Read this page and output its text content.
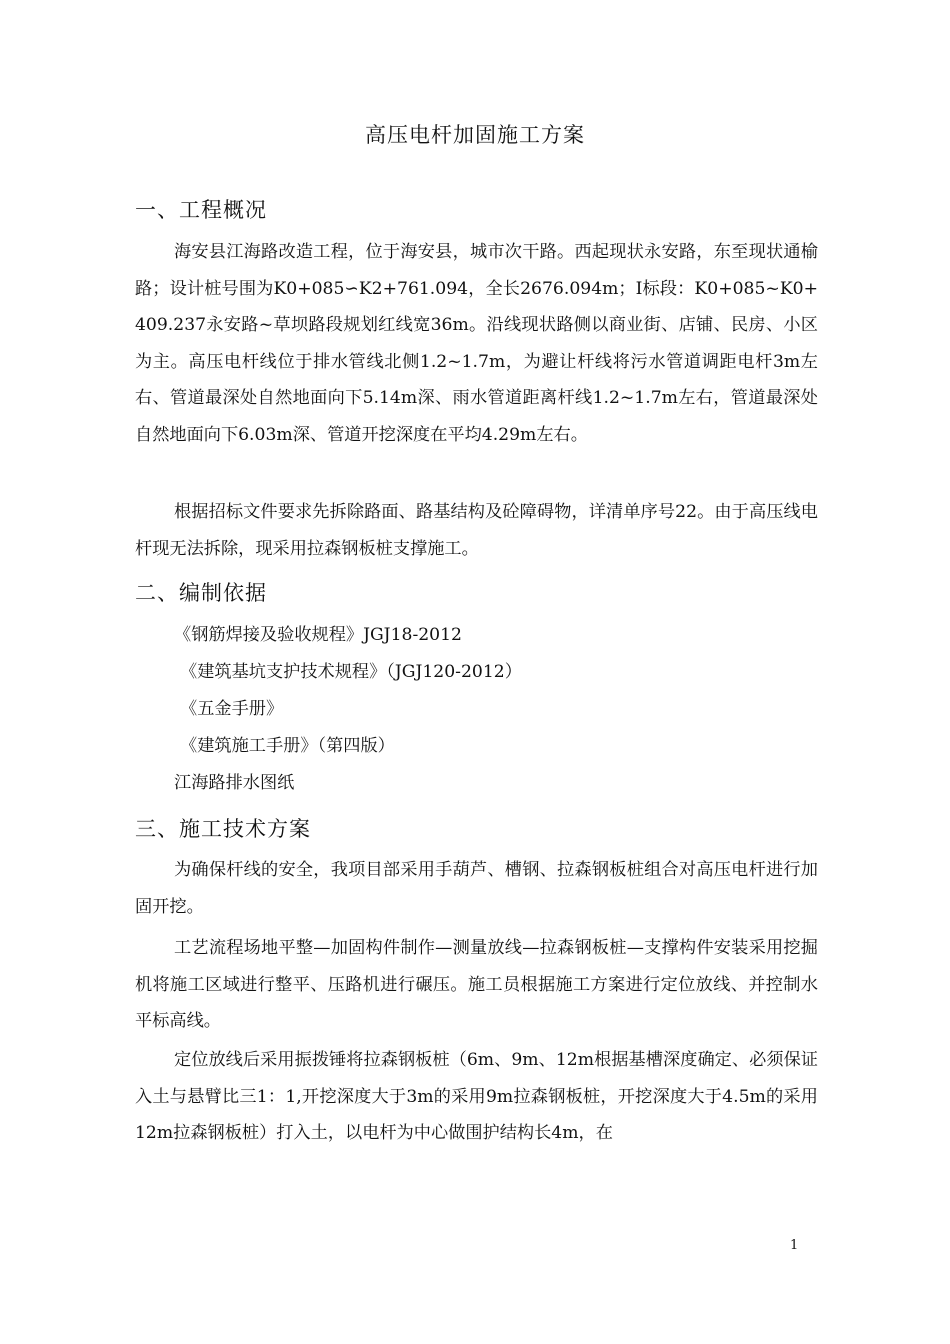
高压电杆加固施工方案
一、工程概况

海安县江海路改造工程，位于海安县，城市次干路。西起现状永安路，东至现状通榆路；设计桩号围为K0+085∽K2+761.094，全长2676.094m；I标段：K0+085~K0+409.237永安路~草坝路段规划红线宽36m。沿线现状路侧以商业街、店铺、民房、小区为主。高压电杆线位于排水管线北侧1.2~1.7m，为避让杆线将污水管道调距电杆3m左右、管道最深处自然地面向下5.14m深、雨水管道距离杆线1.2~1.7m左右，管道最深处自然地面向下6.03m深、管道开挖深度在平均4.29m左右。

根据招标文件要求先拆除路面、路基结构及砼障碍物，详清单序号22。由于高压线电杆现无法拆除，现采用拉森钢板桩支撑施工。

二、编制依据
《钢筋焊接及验收规程》JGJ18-2012
《建筑基坑支护技术规程》（JGJ120-2012）
《五金手册》
《建筑施工手册》（第四版）
江海路排水图纸
三、施工技术方案

为确保杆线的安全，我项目部采用手葫芦、槽钢、拉森钢板桩组合对高压电杆进行加固开挖。

工艺流程场地平整—加固构件制作—测量放线—拉森钢板桩—支撑构件安装采用挖掘机将施工区域进行整平、压路机进行碾压。施工员根据施工方案进行定位放线、并控制水平标高线。

定位放线后采用振拨锤将拉森钢板桩（6m、9m、12m根据基槽深度确定、必须保证入土与悬臂比三1：1,开挖深度大于3m的采用9m拉森钢板桩，开挖深度大于4.5m的采用12m拉森钢板桩）打入土，以电杆为中心做围护结构长4m，在

1
